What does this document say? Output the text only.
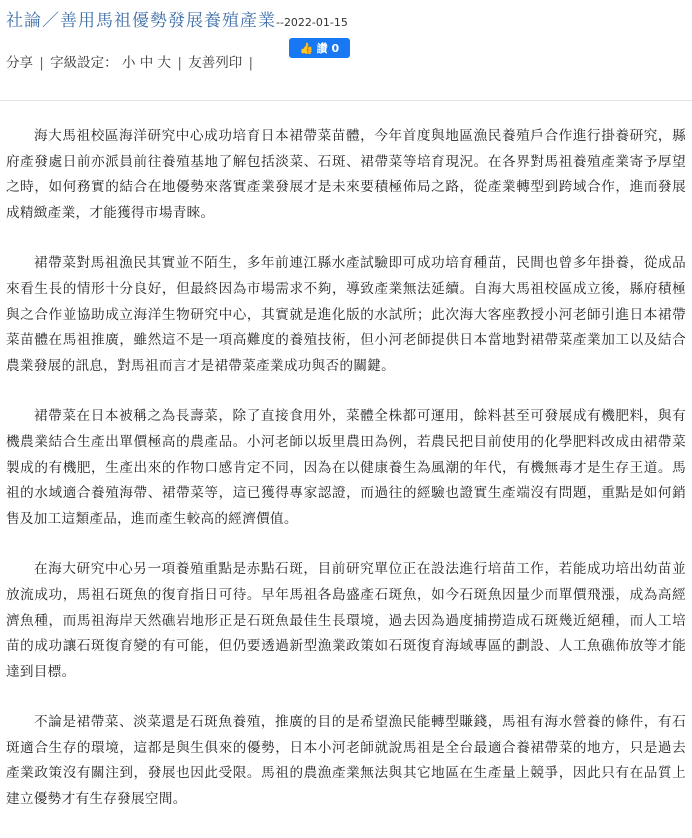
社論／善用馬祖優勢發展養殖產業--2022-01-15
👍 讚 0
分享 | 字級設定： 小 中 大 | 友善列印 |

海大馬祖校區海洋研究中心成功培育日本裙帶菜苗體，今年首度與地區漁民養殖戶合作進行掛養研究，縣府產發處日前亦派員前往養殖基地了解包括淡菜、石斑、裙帶菜等培育現況。在各界對馬祖養殖產業寄予厚望之時，如何務實的結合在地優勢來落實產業發展才是未來要積極佈局之路，從產業轉型到跨域合作，進而發展成精緻產業，才能獲得市場青睞。

裙帶菜對馬祖漁民其實並不陌生，多年前連江縣水產試驗即可成功培育種苗，民間也曾多年掛養，從成品來看生長的情形十分良好，但最終因為市場需求不夠，導致產業無法延續。自海大馬祖校區成立後，縣府積極與之合作並協助成立海洋生物研究中心，其實就是進化版的水試所；此次海大客座教授小河老師引進日本裙帶菜苗體在馬祖推廣，雖然這不是一項高難度的養殖技術，但小河老師提供日本當地對裙帶菜產業加工以及結合農業發展的訊息，對馬祖而言才是裙帶菜產業成功與否的關鍵。

裙帶菜在日本被稱之為長壽菜，除了直接食用外，菜體全株都可運用，餘料甚至可發展成有機肥料，與有機農業結合生產出單價極高的農產品。小河老師以坂里農田為例，若農民把目前使用的化學肥料改成由裙帶菜製成的有機肥，生產出來的作物口感肯定不同，因為在以健康養生為風潮的年代，有機無毒才是生存王道。馬祖的水域適合養殖海帶、裙帶菜等，這已獲得專家認證，而過往的經驗也證實生產端沒有問題，重點是如何銷售及加工這類產品，進而產生較高的經濟價值。

在海大研究中心另一項養殖重點是赤點石斑，目前研究單位正在設法進行培苗工作，若能成功培出幼苗並放流成功，馬祖石斑魚的復育指日可待。早年馬祖各島盛產石斑魚，如今石斑魚因量少而單價飛漲，成為高經濟魚種，而馬祖海岸天然礁岩地形正是石斑魚最佳生長環境，過去因為過度捕撈造成石斑幾近絕種，而人工培苗的成功讓石斑復育變的有可能，但仍要透過新型漁業政策如石斑復育海域專區的劃設、人工魚礁佈放等才能達到目標。

不論是裙帶菜、淡菜還是石斑魚養殖，推廣的目的是希望漁民能轉型賺錢，馬祖有海水營養的條件，有石斑適合生存的環境，這都是與生俱來的優勢，日本小河老師就說馬祖是全台最適合養裙帶菜的地方，只是過去產業政策沒有關注到，發展也因此受限。馬祖的農漁產業無法與其它地區在生產量上競爭，因此只有在品質上建立優勢才有生存發展空間。
